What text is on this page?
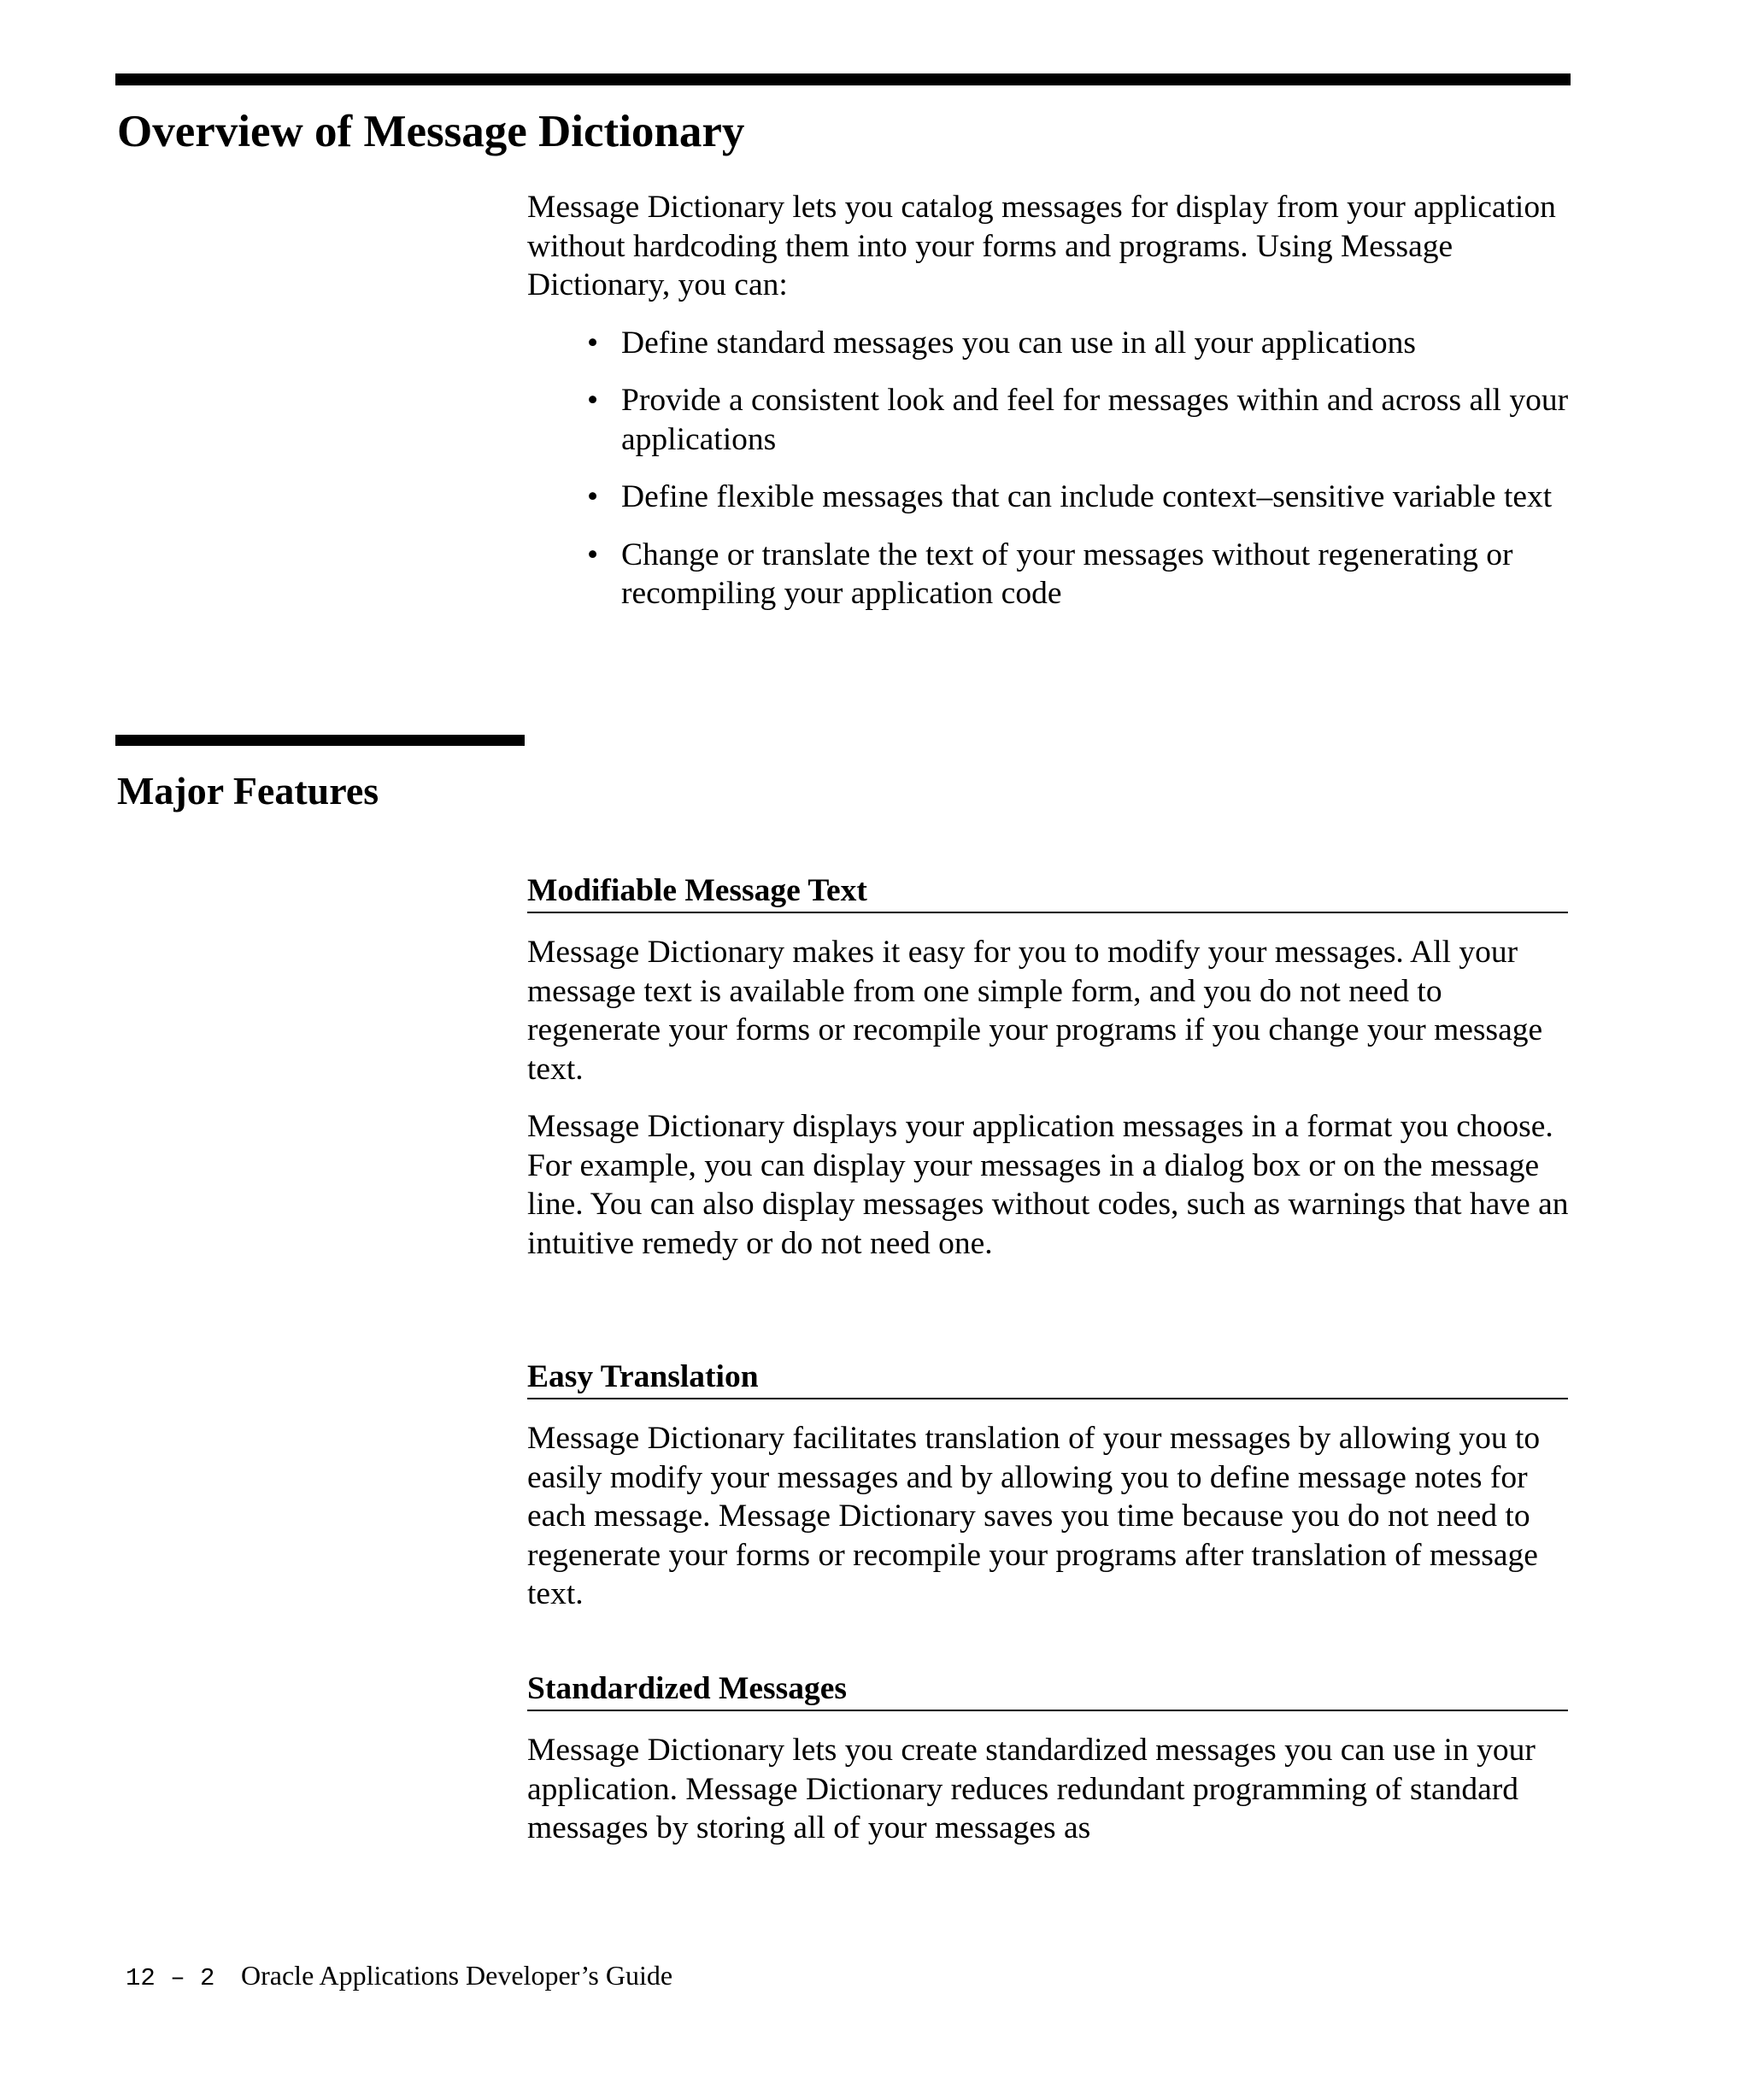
Overview of Message Dictionary

Message Dictionary lets you catalog messages for display from your application without hardcoding them into your forms and programs. Using Message Dictionary, you can:

• Define standard messages you can use in all your applications
• Provide a consistent look and feel for messages within and across all your applications
• Define flexible messages that can include context–sensitive variable text
• Change or translate the text of your messages without regenerating or recompiling your application code
Major Features
Modifiable Message Text

Message Dictionary makes it easy for you to modify your messages. All your message text is available from one simple form, and you do not need to regenerate your forms or recompile your programs if you change your message text.

Message Dictionary displays your application messages in a format you choose. For example, you can display your messages in a dialog box or on the message line. You can also display messages without codes, such as warnings that have an intuitive remedy or do not need one.

Easy Translation

Message Dictionary facilitates translation of your messages by allowing you to easily modify your messages and by allowing you to define message notes for each message. Message Dictionary saves you time because you do not need to regenerate your forms or recompile your programs after translation of message text.

Standardized Messages

Message Dictionary lets you create standardized messages you can use in your application. Message Dictionary reduces redundant programming of standard messages by storing all of your messages as

12 – 2 Oracle Applications Developer’s Guide
